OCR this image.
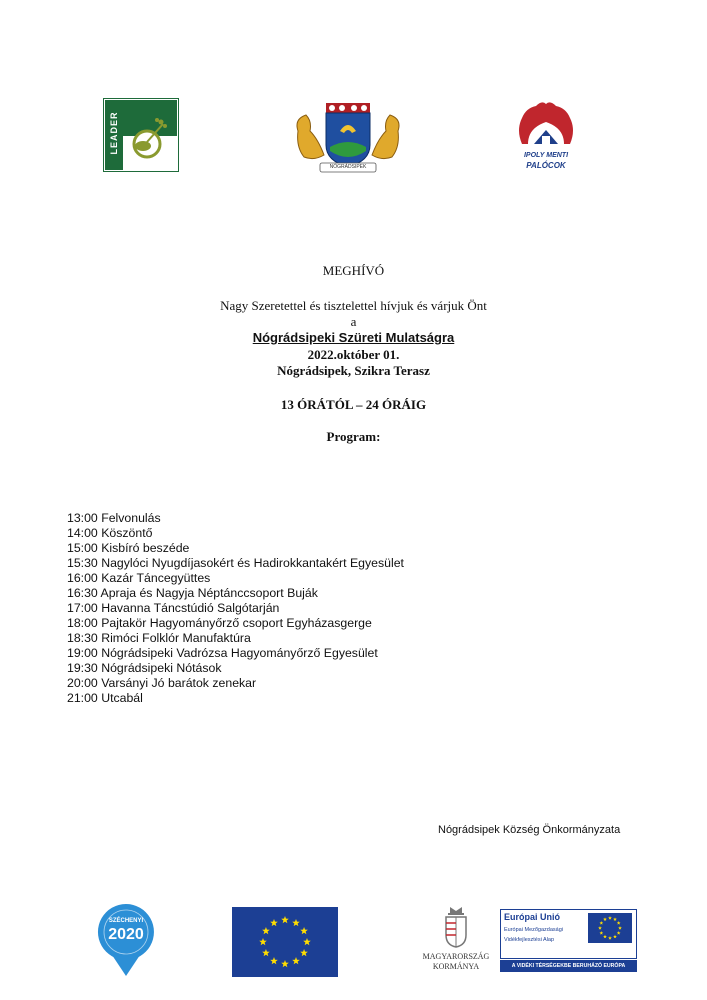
LEADER
NÓGRÁDSIPEK
IPOLY MENTI
PALÓCOK
MEGHÍVÓ
Nagy Szeretettel és tisztelettel hívjuk és várjuk Önt
a
Nógrádsipeki Szüreti Mulatságra
2022.október 01.
Nógrádsipek, Szikra Terasz
13 ÓRÁTÓL – 24 ÓRÁIG
Program:
13:00 Felvonulás
14:00 Köszöntő
15:00 Kisbíró beszéde
15:30 Nagylóci Nyugdíjasokért és Hadirokkantakért Egyesület
16:00 Kazár Táncegyüttes
16:30 Apraja és Nagyja Néptánccsoport Buják
17:00 Havanna Táncstúdió Salgótarján
18:00 Pajtakör Hagyományőrző csoport Egyházasgerge
18:30 Rimóci Folklór Manufaktúra
19:00 Nógrádsipeki Vadrózsa Hagyományőrző Egyesület
19:30 Nógrádsipeki Nótások
20:00 Varsányi Jó barátok zenekar
21:00 Utcabál
Nógrádsipek Község Önkormányzata
SZÉCHENYI
2020
MAGYARORSZÁG
KORMÁNYA
Európai Unió
Európai Mezőgazdasági
Vidékfejlesztési Alap
A VIDÉKI TÉRSÉGEKBE BERUHÁZÓ EURÓPA
